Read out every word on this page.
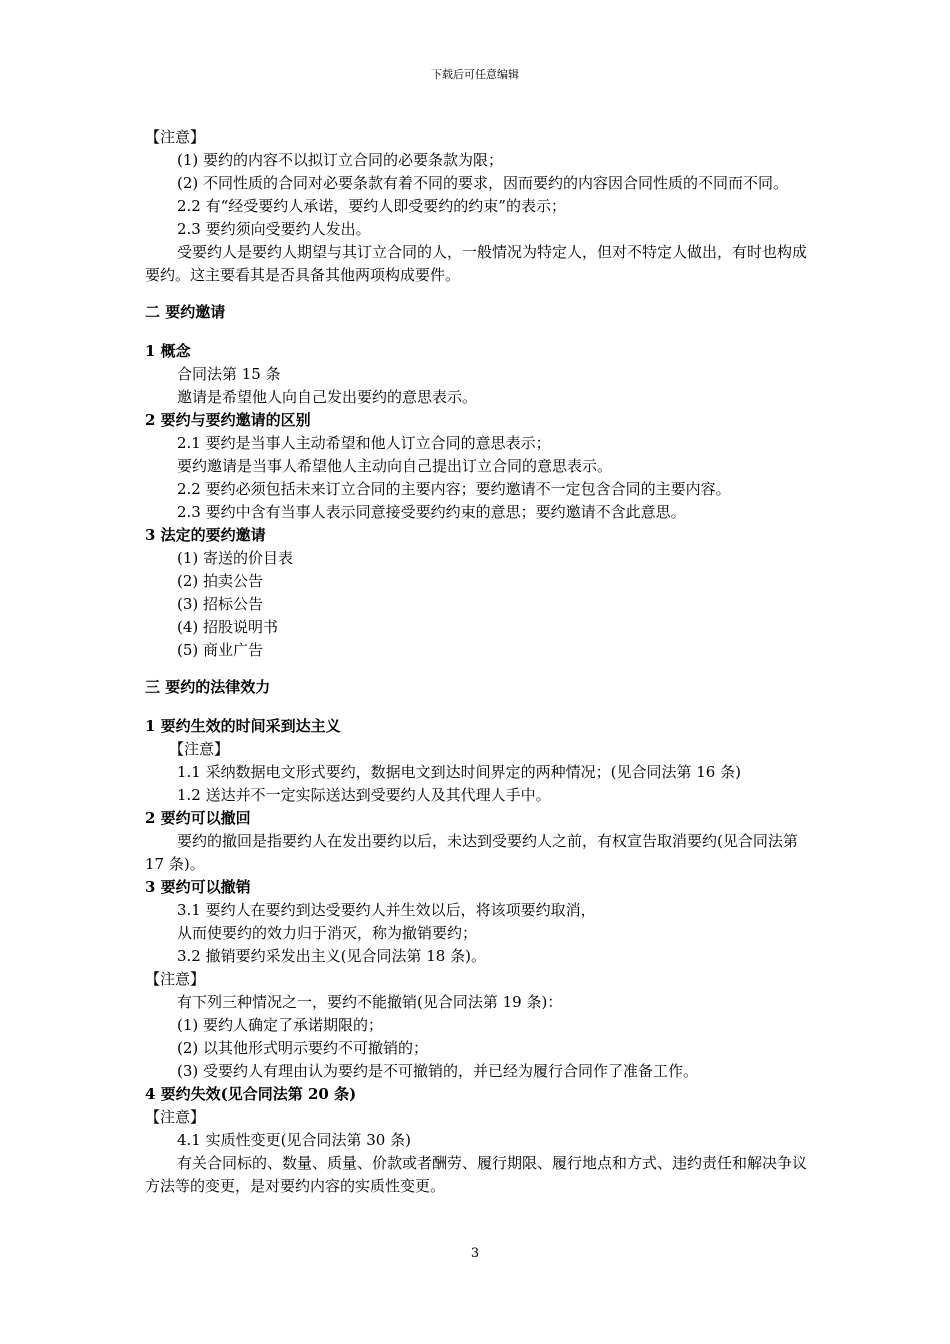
下载后可任意编辑

【注意】

(1) 要约的内容不以拟订立合同的必要条款为限；

(2) 不同性质的合同对必要条款有着不同的要求，因而要约的内容因合同性质的不同而不同。

2.2 有“经受要约人承诺，要约人即受要约的约束”的表示；

2.3 要约须向受要约人发出。

受要约人是要约人期望与其订立合同的人，一般情况为特定人，但对不特定人做出，有时也构成要约。这主要看其是否具备其他两项构成要件。

二 要约邀请

1 概念

合同法第 15 条

邀请是希望他人向自己发出要约的意思表示。

2 要约与要约邀请的区别

2.1 要约是当事人主动希望和他人订立合同的意思表示；

要约邀请是当事人希望他人主动向自己提出订立合同的意思表示。

2.2 要约必须包括未来订立合同的主要内容；要约邀请不一定包含合同的主要内容。

2.3 要约中含有当事人表示同意接受要约约束的意思；要约邀请不含此意思。

3 法定的要约邀请

(1) 寄送的价目表

(2) 拍卖公告

(3) 招标公告

(4) 招股说明书

(5) 商业广告

三 要约的法律效力

1 要约生效的时间采到达主义

【注意】

1.1 采纳数据电文形式要约，数据电文到达时间界定的两种情况；(见合同法第 16 条)

1.2 送达并不一定实际送达到受要约人及其代理人手中。

2 要约可以撤回

要约的撤回是指要约人在发出要约以后，未达到受要约人之前，有权宣告取消要约(见合同法第 17 条)。

3 要约可以撤销

3.1 要约人在要约到达受要约人并生效以后，将该项要约取消，

从而使要约的效力归于消灭，称为撤销要约；

3.2 撤销要约采发出主义(见合同法第 18 条)。

【注意】

有下列三种情况之一，要约不能撤销(见合同法第 19 条)：

(1) 要约人确定了承诺期限的；

(2) 以其他形式明示要约不可撤销的；

(3) 受要约人有理由认为要约是不可撤销的，并已经为履行合同作了准备工作。

4 要约失效(见合同法第 20 条)

【注意】

4.1 实质性变更(见合同法第 30 条)

有关合同标的、数量、质量、价款或者酬劳、履行期限、履行地点和方式、违约责任和解决争议方法等的变更，是对要约内容的实质性变更。

3
